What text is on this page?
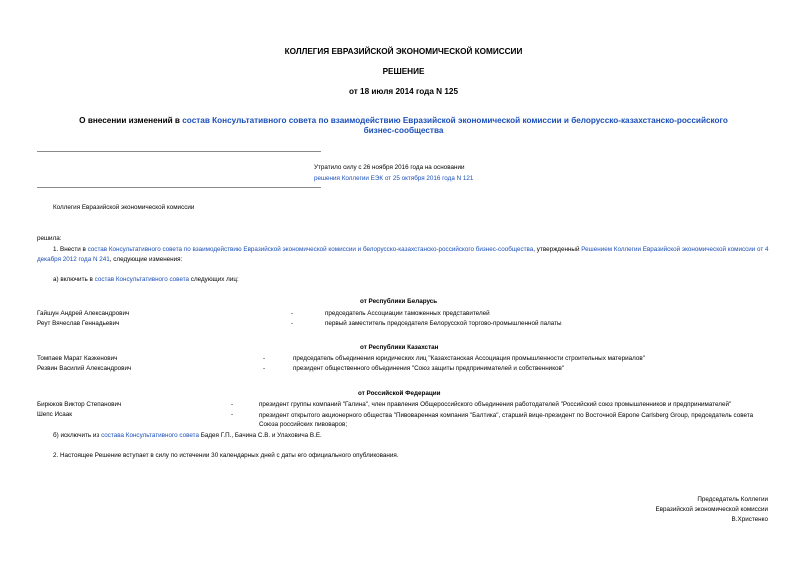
КОЛЛЕГИЯ ЕВРАЗИЙСКОЙ ЭКОНОМИЧЕСКОЙ КОМИССИИ
РЕШЕНИЕ
от 18 июля 2014 года N 125
О внесении изменений в состав Консультативного совета по взаимодействию Евразийской экономической комиссии и белорусско-казахстанско-российского
бизнес-сообщества
Утратило силу с 26 ноября 2016 года на основании
решения Коллегии ЕЭК от 25 октября 2016 года N 121
Коллегия Евразийской экономической комиссии
решила:
1. Внести в состав Консультативного совета по взаимодействию Евразийской экономической комиссии и белорусско-казахстанско-российского бизнес-сообщества, утвержденный Решением Коллегии Евразийской экономической комиссии от 4 декабря 2012 года N 241, следующие изменения:
а) включить в состав Консультативного совета следующих лиц:
от Республики Беларусь
Гайшун Андрей Александрович	-	председатель Ассоциации таможенных представителей
Реут Вячеслав Геннадьевич	-	первый заместитель председателя Белорусской торгово-промышленной палаты
от Республики Казахстан
Томпаев Марат Казкенович	-	председатель объединения юридических лиц "Казахстанская Ассоциация промышленности строительных материалов"
Резвин Василий Александрович	-	президент общественного объединения "Союз защиты предпринимателей и собственников"
от Российской Федерации
Бирюков Виктор Степанович	-	президент группы компаний "Галина", член правления Общероссийского объединения работодателей "Российский союз промышленников и предпринимателей"
Шепс Исаак	-	президент открытого акционерного общества "Пивоваренная компания "Балтика", старший вице-президент по Восточной Европе Carlsberg Group, председатель совета Союза российских пивоваров;
б) исключить из состава Консультативного совета Бадея Г.П., Бачина С.В. и Улаховича В.Е.
2. Настоящее Решение вступает в силу по истечении 30 календарных дней с даты его официального опубликования.
Председатель Коллегии
Евразийской экономической комиссии
В.Христенко
